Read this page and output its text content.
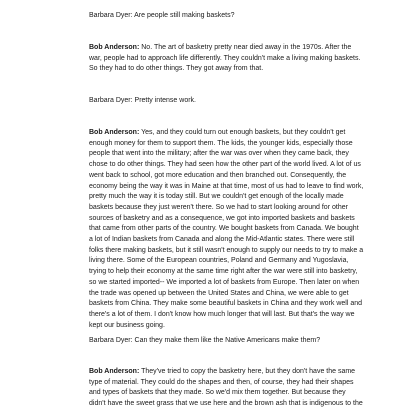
Barbara Dyer: Are people still making baskets?
Bob Anderson: No. The art of basketry pretty near died away in the 1970s. After the
war, people had to approach life differently. They couldn't make a living making baskets.
So they had to do other things. They got away from that.
Barbara Dyer: Pretty intense work.
Bob Anderson: Yes, and they could turn out enough baskets, but they couldn't get
enough money for them to support them. The kids, the younger kids, especially those
people that went into the military; after the war was over when they came back, they
chose to do other things. They had seen how the other part of the world lived. A lot of us
went back to school, got more education and then branched out. Consequently, the
economy being the way it was in Maine at that time, most of us had to leave to find work,
pretty much the way it is today still. But we couldn't get enough of the locally made
baskets because they just weren't there. So we had to start looking around for other
sources of basketry and as a consequence, we got into imported baskets and baskets
that came from other parts of the country. We bought baskets from Canada. We bought
a lot of Indian baskets from Canada and along the Mid-Atlantic states. There were still
folks there making baskets, but it still wasn't enough to supply our needs to try to make a
living there. Some of the European countries, Poland and Germany and Yugoslavia,
trying to help their economy at the same time right after the war were still into basketry,
so we started imported-- We imported a lot of baskets from Europe. Then later on when
the trade was opened up between the United States and China, we were able to get
baskets from China. They make some beautiful baskets in China and they work well and
there's a lot of them. I don't know how much longer that will last. But that's the way we
kept our business going.
Barbara Dyer: Can they make them like the Native Americans make them?
Bob Anderson: They've tried to copy the basketry here, but they don't have the same
type of material. They could do the shapes and then, of course, they had their shapes
and types of baskets that they made. So we'd mix them together. But because they
didn't have the sweet grass that we use here and the brown ash that is indigenous to the
